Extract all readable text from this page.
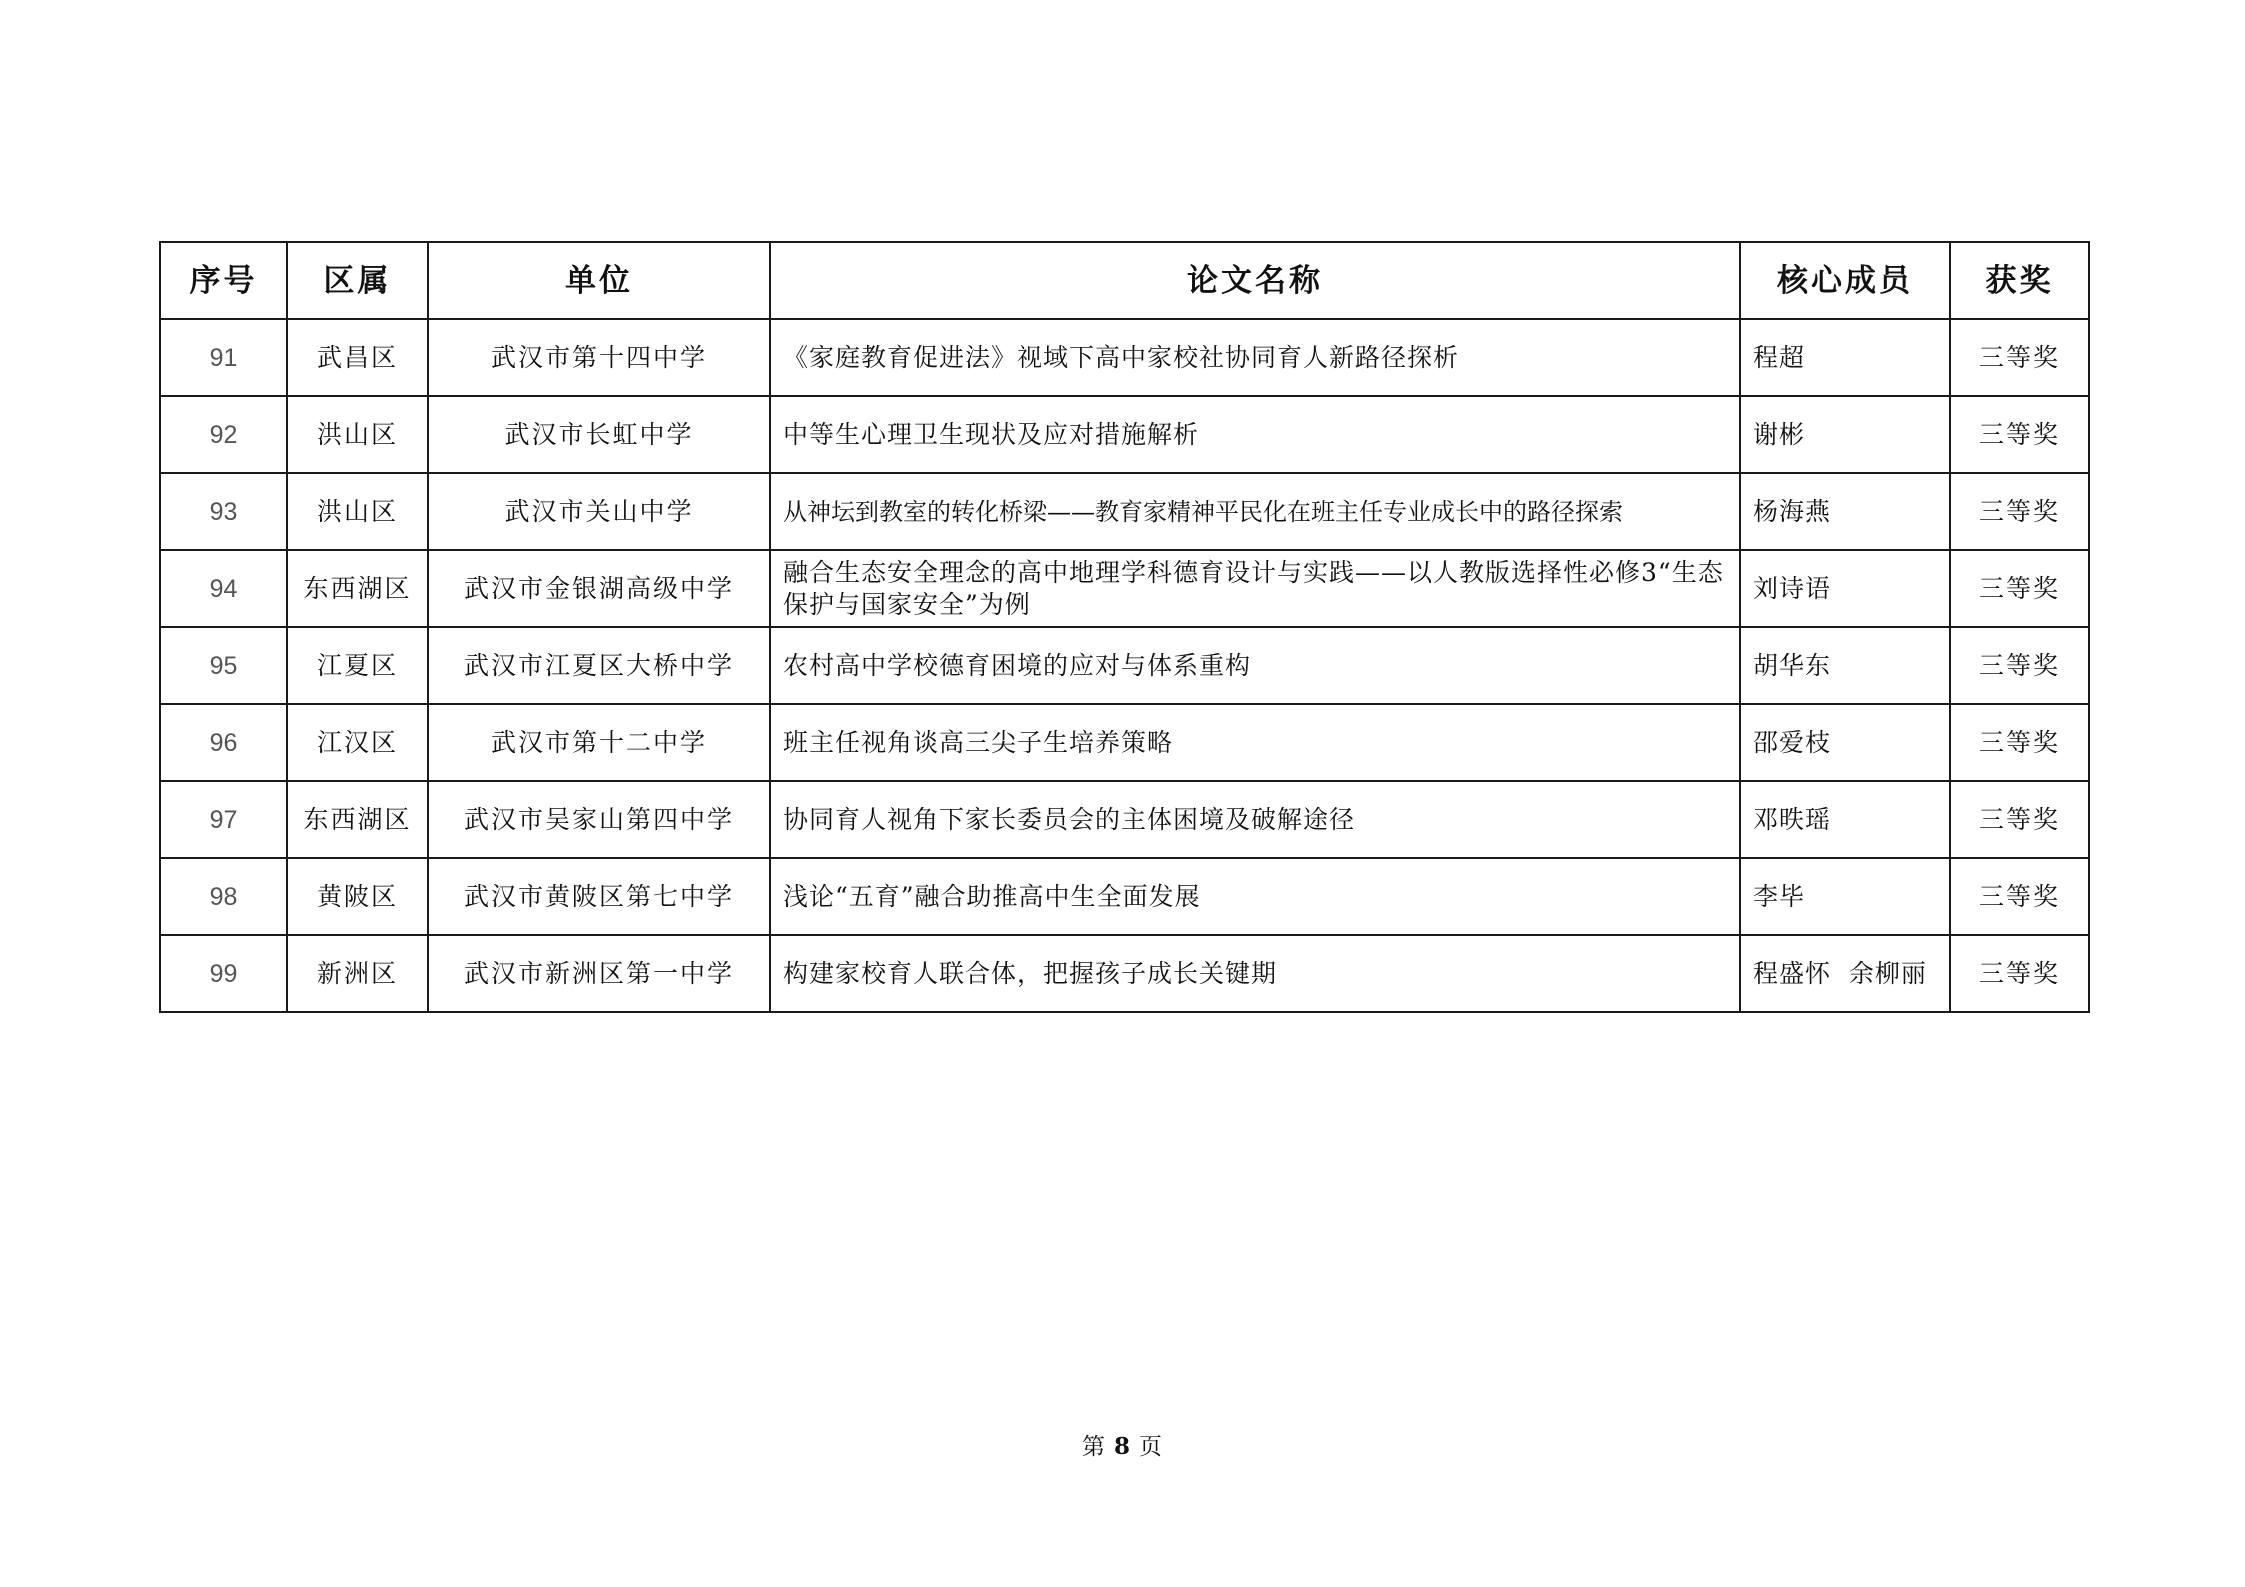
序号	区属	单位	论文名称	核心成员	获奖
91	武昌区	武汉市第十四中学	《家庭教育促进法》视域下高中家校社协同育人新路径探析	程超	三等奖
92	洪山区	武汉市长虹中学	中等生心理卫生现状及应对措施解析	谢彬	三等奖
93	洪山区	武汉市关山中学	从神坛到教室的转化桥梁——教育家精神平民化在班主任专业成长中的路径探索	杨海燕	三等奖
94	东西湖区	武汉市金银湖高级中学	融合生态安全理念的高中地理学科德育设计与实践——以人教版选择性必修3“生态保护与国家安全”为例	刘诗语	三等奖
95	江夏区	武汉市江夏区大桥中学	农村高中学校德育困境的应对与体系重构	胡华东	三等奖
96	江汉区	武汉市第十二中学	班主任视角谈高三尖子生培养策略	邵爱枝	三等奖
97	东西湖区	武汉市吴家山第四中学	协同育人视角下家长委员会的主体困境及破解途径	邓昳瑶	三等奖
98	黄陂区	武汉市黄陂区第七中学	浅论“五育”融合助推高中生全面发展	李毕	三等奖
99	新洲区	武汉市新洲区第一中学	构建家校育人联合体，把握孩子成长关键期	程盛怀  余柳丽	三等奖
第 8 页
